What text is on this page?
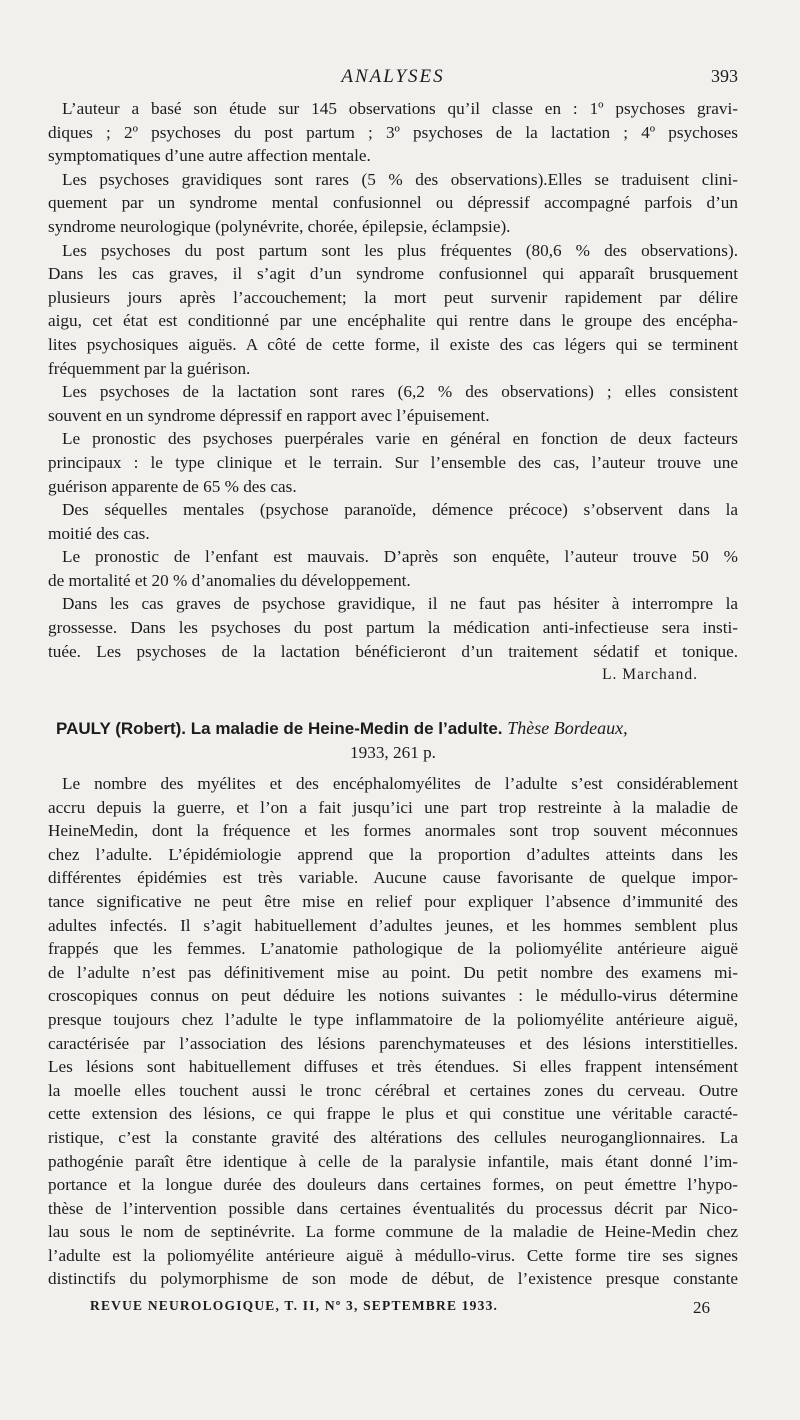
ANALYSES	393
L’auteur a basé son étude sur 145 observations qu’il classe en : 1º psychoses gravi-
diques ; 2º psychoses du post partum ; 3º psychoses de la lactation ; 4º psychoses
symptomatiques d’une autre affection mentale.
Les psychoses gravidiques sont rares (5 % des observations).Elles se traduisent clini-
quement par un syndrome mental confusionnel ou dépressif accompagné parfois d’un
syndrome neurologique (polynévrite, chorée, épilepsie, éclampsie).
Les psychoses du post partum sont les plus fréquentes (80,6 % des observations).
Dans les cas graves, il s’agit d’un syndrome confusionnel qui apparaît brusquement
plusieurs jours après l’accouchement; la mort peut survenir rapidement par délire
aigu, cet état est conditionné par une encéphalite qui rentre dans le groupe des encépha-
lites psychosiques aiguës. A côté de cette forme, il existe des cas légers qui se terminent
fréquemment par la guérison.
Les psychoses de la lactation sont rares (6,2 % des observations) ; elles consistent
souvent en un syndrome dépressif en rapport avec l’épuisement.
Le pronostic des psychoses puerpérales varie en général en fonction de deux facteurs
principaux : le type clinique et le terrain. Sur l’ensemble des cas, l’auteur trouve une
guérison apparente de 65 % des cas.
Des séquelles mentales (psychose paranoïde, démence précoce) s’observent dans la
moitié des cas.
Le pronostic de l’enfant est mauvais. D’après son enquête, l’auteur trouve 50 %
de mortalité et 20 % d’anomalies du développement.
Dans les cas graves de psychose gravidique, il ne faut pas hésiter à interrompre la
grossesse. Dans les psychoses du post partum la médication anti-infectieuse sera insti-
tuée. Les psychoses de la lactation bénéficieront d’un traitement sédatif et tonique.
L. Marchand.
PAULY (Robert). La maladie de Heine-Medin de l’adulte. Thèse Bordeaux,
1933, 261 p.
Le nombre des myélites et des encéphalomyélites de l’adulte s’est considérablement
accru depuis la guerre, et l’on a fait jusqu’ici une part trop restreinte à la maladie de
HeineMedin, dont la fréquence et les formes anormales sont trop souvent méconnues
chez l’adulte. L’épidémiologie apprend que la proportion d’adultes atteints dans les
différentes épidémies est très variable. Aucune cause favorisante de quelque impor-
tance significative ne peut être mise en relief pour expliquer l’absence d’immunité des
adultes infectés. Il s’agit habituellement d’adultes jeunes, et les hommes semblent plus
frappés que les femmes. L’anatomie pathologique de la poliomyélite antérieure aiguë
de l’adulte n’est pas définitivement mise au point. Du petit nombre des examens mi-
croscopiques connus on peut déduire les notions suivantes : le médullo-virus détermine
presque toujours chez l’adulte le type inflammatoire de la poliomyélite antérieure aiguë,
caractérisée par l’association des lésions parenchymateuses et des lésions interstitielles.
Les lésions sont habituellement diffuses et très étendues. Si elles frappent intensément
la moelle elles touchent aussi le tronc cérébral et certaines zones du cerveau. Outre
cette extension des lésions, ce qui frappe le plus et qui constitue une véritable caracté-
ristique, c’est la constante gravité des altérations des cellules neuroganglionnaires. La
pathogénie paraît être identique à celle de la paralysie infantile, mais étant donné l’im-
portance et la longue durée des douleurs dans certaines formes, on peut émettre l’hypo-
thèse de l’intervention possible dans certaines éventualités du processus décrit par Nico-
lau sous le nom de septinévrite. La forme commune de la maladie de Heine-Medin chez
l’adulte est la poliomyélite antérieure aiguë à médullo-virus. Cette forme tire ses signes
distinctifs du polymorphisme de son mode de début, de l’existence presque constante
REVUE NEUROLOGIQUE, T. II, Nº 3, SEPTEMBRE 1933.	26
